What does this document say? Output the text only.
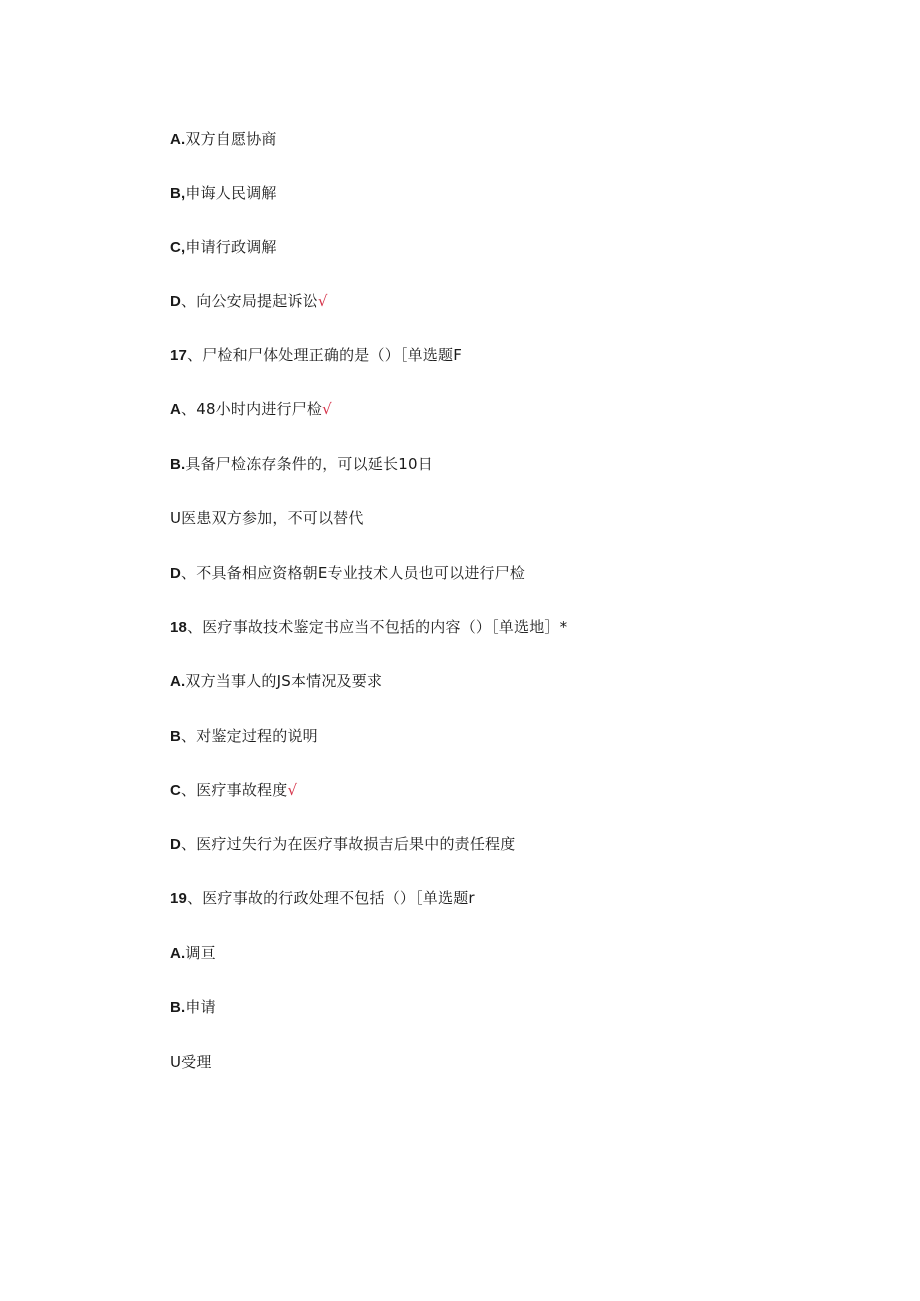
A.双方自愿协商
B,申诲人民调解
C,申请行政调解
D、向公安局提起诉讼√
17、尸检和尸体处理正确的是（）［单选题F
A、48小时内进行尸检√
B.具备尸检冻存条件的，可以延长10日
U医患双方参加，不可以替代
D、不具备相应资格朝E专业技术人员也可以进行尸检
18、医疗事故技术鉴定书应当不包括的内容（）［单选地］*
A.双方当事人的JS本情况及要求
B、对鉴定过程的说明
C、医疗事故程度√
D、医疗过失行为在医疗事故损吉后果中的责任程度
19、医疗事故的行政处理不包括（）［单选题r
A.调亘
B.申请
U受理
